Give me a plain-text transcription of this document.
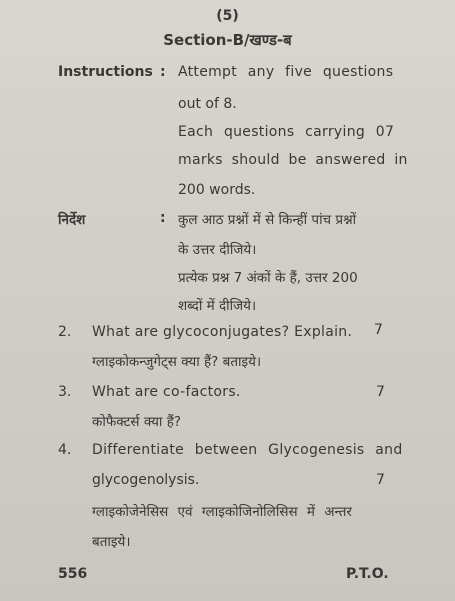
(5)
Section-B/खण्ड-ब
Instructions : Attempt any five questions
out of 8.
Each questions carrying 07
marks should be answered in
200 words.
निर्देश	: कुल आठ प्रश्नों में से किन्हीं पांच प्रश्नों
के उत्तर दीजिये।
प्रत्येक प्रश्न 7 अंकों के हैं, उत्तर 200
शब्दों में दीजिये।
2. What are glycoconjugates? Explain. 7
ग्लाइकोकन्जुगेट्स क्या हैं? बताइये।
3. What are co-factors.	7
कोफैक्टर्स क्या हैं?
4. Differentiate between Glycogenesis and
glycogenolysis.	7
ग्लाइकोजेनेसिस एवं ग्लाइकोजिनोलिसिस में अन्तर
बताइये।
556	P.T.O.
